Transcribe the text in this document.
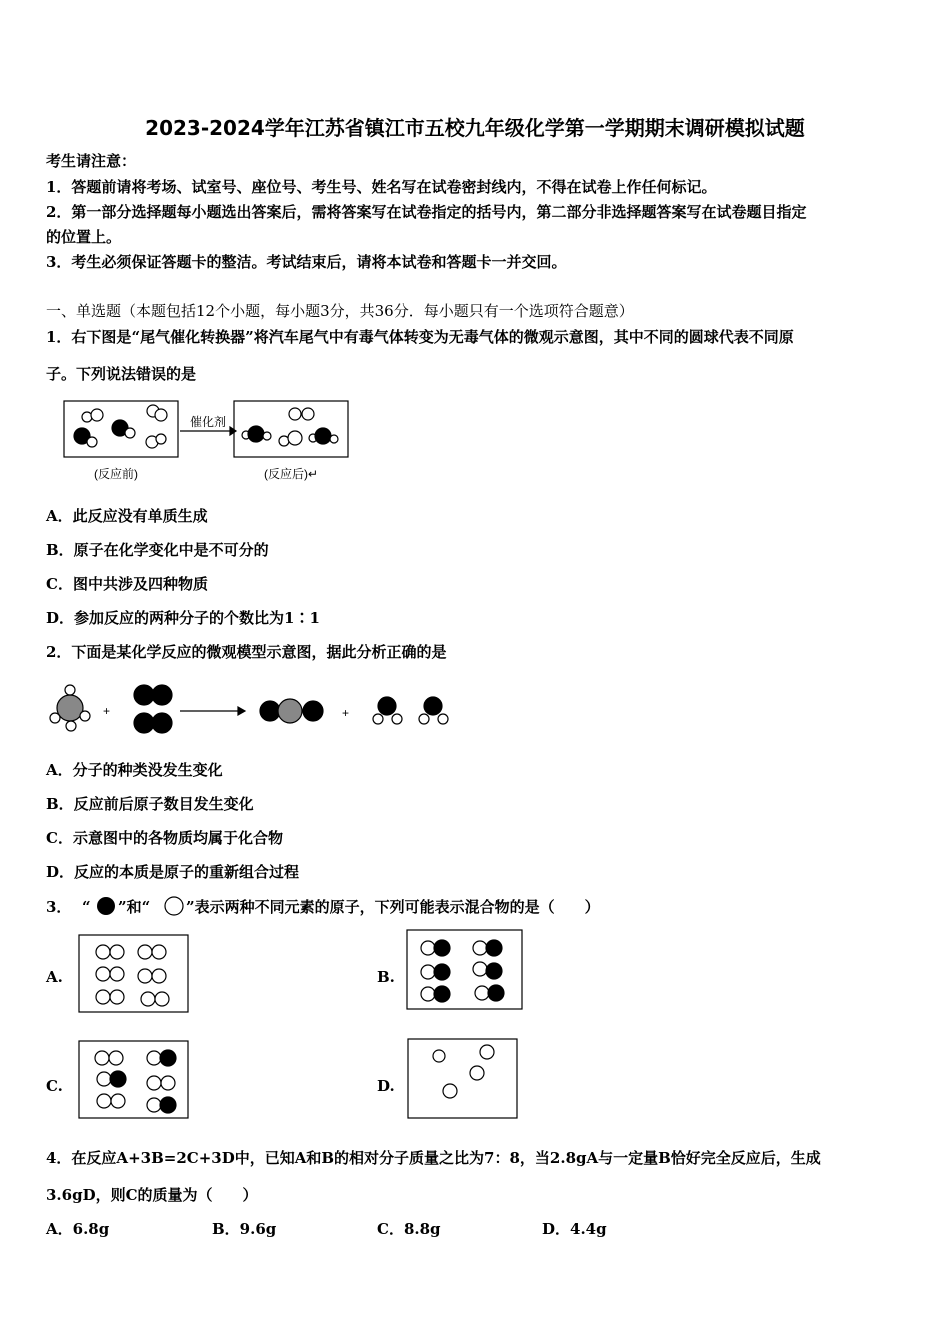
2023-2024学年江苏省镇江市五校九年级化学第一学期期末调研模拟试题
考生请注意：
1．答题前请将考场、试室号、座位号、考生号、姓名写在试卷密封线内，不得在试卷上作任何标记。
2．第一部分选择题每小题选出答案后，需将答案写在试卷指定的括号内，第二部分非选择题答案写在试卷题目指定
的位置上。
3．考生必须保证答题卡的整洁。考试结束后，请将本试卷和答题卡一并交回。
一、单选题（本题包括12个小题，每小题3分，共36分．每小题只有一个选项符合题意）
1．右下图是“尾气催化转换器”将汽车尾气中有毒气体转变为无毒气体的微观示意图，其中不同的圆球代表不同原
子。下列说法错误的是
催化剂
(反应前)	(反应后)↵
A．此反应没有单质生成
B．原子在化学变化中是不可分的
C．图中共涉及四种物质
D．参加反应的两种分子的个数比为1∶1
2．下面是某化学反应的微观模型示意图，据此分析正确的是
+	+
A．分子的种类没发生变化
B．反应前后原子数目发生变化
C．示意图中的各物质均属于化合物
D．反应的本质是原子的重新组合过程
3． “ ”和“ ”表示两种不同元素的原子，下列可能表示混合物的是（　　）
A.	B.
C.	D.
4．在反应A+3B=2C+3D中，已知A和B的相对分子质量之比为7：8，当2.8gA与一定量B恰好完全反应后，生成
3.6gD，则C的质量为（　　）
A．6.8g	B．9.6g	C．8.8g	D．4.4g
